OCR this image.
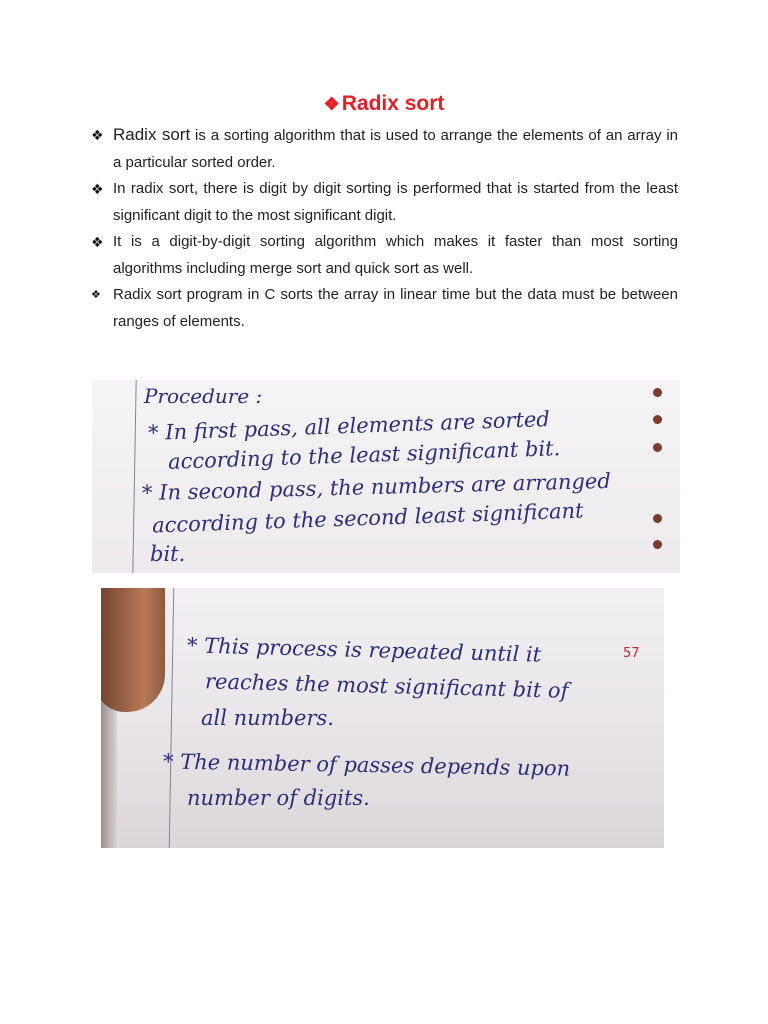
❖Radix sort
❖ Radix sort is a sorting algorithm that is used to arrange the elements of an array in a particular sorted order.
❖ In radix sort, there is digit by digit sorting is performed that is started from the least significant digit to the most significant digit.
❖ It is a digit-by-digit sorting algorithm which makes it faster than most sorting algorithms including merge sort and quick sort as well.
❖ Radix sort program in C sorts the array in linear time but the data must be between ranges of elements.
Procedure :
* In first pass, all elements are sorted
according to the least significant bit.
* In second pass, the numbers are arranged
according to the second least significant
bit.
57
* This process is repeated until it
reaches the most significant bit of
all numbers.
* The number of passes depends upon
number of digits.
